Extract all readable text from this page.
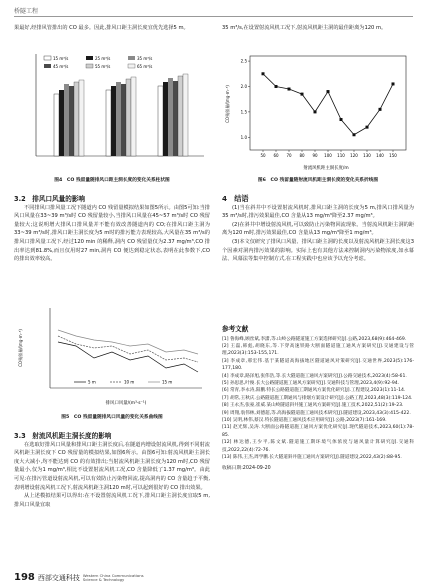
桥隧工程

果最好,经排风管排出的 CO 最多。因此,排风口距主洞长度宜优先选择5 m。

15 m³/s	25 m³/s	35 m³/s
45 m³/s	55 m³/s	65 m³/s
图4　CO 残留量随排风口距主洞长度的变化关系柱状图

3.2　排风口风量的影响

不同排风口排风量工况下隧道内 CO 残留量模拟结果如图5所示。由图5可知:当排风口风量在33~39 m³/s时 CO 残留量较小,当排风口风量在45~57 m³/s时 CO 残留量较大;这说明增大排风口排风量并不能有效改善隧道内的 CO;在排风口距主洞为33~39 m³/s时,排风口距主洞长度为5 m时的排污能力表现较高,大风量在35 m³/s的排风口排风量工况下,经过120 min 的稀释,洞内 CO 残留量仅为2.37 mg/m³,CO 排出率达到81.8%,而且仅用时27 min,洞内 CO 便达到稳定状态,表明在此参数下,CO 的排出效率较高。

CO残留量/(mg·m⁻³)
排风口风量/(m³·s⁻¹)
5 m	10 m	15 m
图5　CO 残留量随排风口风量的变化关系曲线图

3.3　射流风机距主洞长度的影响

在选取好排风口风量和排风口距主洞长度后,在隧道内增设射流风机,得到不同射流风机距主洞长度下 CO 残留量的模拟结果,如图6所示。由图6可知:射流风机距主洞长度大大减小,均不能达到 CO 的有效排出;当射流风机距主洞长度为120 m时,CO 残留量最小,仅为1 mg/m³,相比不设置射流风机工况,CO 含量降低了1.37 mg/m³。由此可见:在排污管道设射流风机,可以有效防止污染物回流,提高洞内的 CO 含量趋于平衡,表明增设射流风机工况下,射流风机距主洞120 m时,可以起到很好的 CO 排出效果。

从上述模拟结果可以得出:在不设置射流风机工况下,排风口距主洞长度宜取5 m,排风口风量宜取

35 m³/s,在设置射流风机工况下,射流风机距主洞的最佳距离为120 m。

CO残留量/(mg·m⁻³)
射流风机距主洞长度/m
1.0
1.5
2.0
2.5
50 60 70 80 90 100 110 120 130 140 150
图6　CO 残留量随射流风机距主洞长度的变化关系折线图

4　结语

(1)当在斜井中不设置射流风机时,排风口距主洞的长度为5 m,排风口排风量为35 m³/s时,排污效果最佳,CO 含量从13 mg/m³降至2.37 mg/m³。

(2)在斜井中增设射流风机,可以致防止污染物回流现象。当射流风机距主洞的距离为120 m时,排污效果最佳,CO 含量从13 mg/m³降至1 mg/m³。

(3)本文仅研究了排风口风量、排风口距主洞的长度以及射流风机距主洞长度这3个因素对洞内排污效果的影响。实际上也有其他方法来控制洞内污染物浓度,如水幕法、风幕法等集中控制方式,在工程实践中也应该予以充分考虑。

参考文献

[1] 鲁海峰,顾丝斌,李潇,等.山岭公路隧道施工方案选择研究[J].公路,2023,68(9):464-469.

[2] 王磊,韩彪,胡晓东,等.下穿高速铁路大断面隧道施工通风方案研究[J].交通建设与管理,2023(3):153-155,171.

[3] 李成章,邢宏伟.基于某隧道高海拔地区隧道通风对策研究[J].交通世界,2023(5):176-177,180.

[4] 李成章,路泽旭,张伟浩,等.长大隧道施工通风方案研究[J].公路交通技术,2023(4):58-61.

[5] 孙思思,叶俊.长大公路隧道施工通风方案研究[J].交通科技与管理,2023,4(9):92-94.

[6] 常青,李永涛,阳鹏.特长公路隧道施工期通风方案优化研究[J].工程建设,2023(1):11-14.

[7] 胡常,王秋庆.公路隧道施工期通风与排烟方案设计研究[J].公路工程,2023,48(3):119-124.

[8] 王永杰,张豪,崔威.某山岭隧道斜井施工通风方案研究[J].施工技术,2022,51(2):19-23.

[9] 周翔,翁伟林,刘德超,等.高海拔隧道施工通风技术研究[J].隧道建设,2023,43(3):415-422.

[10] 吴明,林伟,蔡汉.特长隧道施工通风技术应用研究[J].公路,2023(7):161-169.

[11] 赵光辉,吴涛.大断面公路隧道施工通风方案优化研究[J].现代隧道技术,2023,60(1):78-85.

[12] 林达德,王少平,陈文斌.隧道施工期环境气体浓度与通风量计算研究[J].交通科技,2022,22(4):72-76.

[13] 陈伟,王杰,周学鹏.长大隧道斜井施工通风方案研究[J].隧道建设,2022,43(2):88-95.

收稿日期:2024-09-20

198 西部交通科技 Western China Communications Science & Technology
